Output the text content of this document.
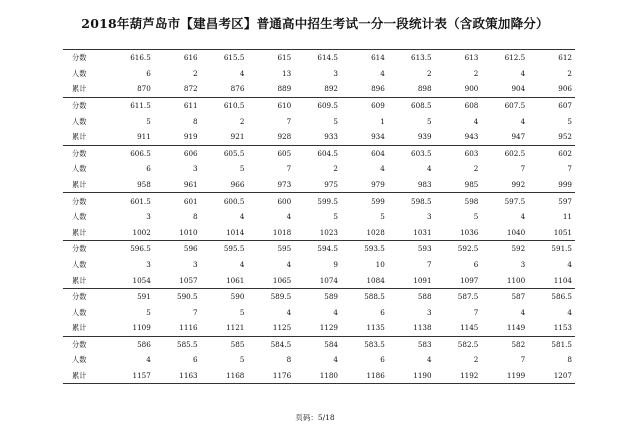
2018年葫芦岛市【建昌考区】普通高中招生考试一分一段统计表（含政策加降分）
分数	616.5	616	615.5	615	614.5	614	613.5	613	612.5	612
人数	6	2	4	13	3	4	2	2	4	2
累计	870	872	876	889	892	896	898	900	904	906
分数	611.5	611	610.5	610	609.5	609	608.5	608	607.5	607
人数	5	8	2	7	5	1	5	4	4	5
累计	911	919	921	928	933	934	939	943	947	952
分数	606.5	606	605.5	605	604.5	604	603.5	603	602.5	602
人数	6	3	5	7	2	4	4	2	7	7
累计	958	961	966	973	975	979	983	985	992	999
分数	601.5	601	600.5	600	599.5	599	598.5	598	597.5	597
人数	3	8	4	4	5	5	3	5	4	11
累计	1002	1010	1014	1018	1023	1028	1031	1036	1040	1051
分数	596.5	596	595.5	595	594.5	593.5	593	592.5	592	591.5
人数	3	3	4	4	9	10	7	6	3	4
累计	1054	1057	1061	1065	1074	1084	1091	1097	1100	1104
分数	591	590.5	590	589.5	589	588.5	588	587.5	587	586.5
人数	5	7	5	4	4	6	3	7	4	4
累计	1109	1116	1121	1125	1129	1135	1138	1145	1149	1153
分数	586	585.5	585	584.5	584	583.5	583	582.5	582	581.5
人数	4	6	5	8	4	6	4	2	7	8
累计	1157	1163	1168	1176	1180	1186	1190	1192	1199	1207
页码：5/18
